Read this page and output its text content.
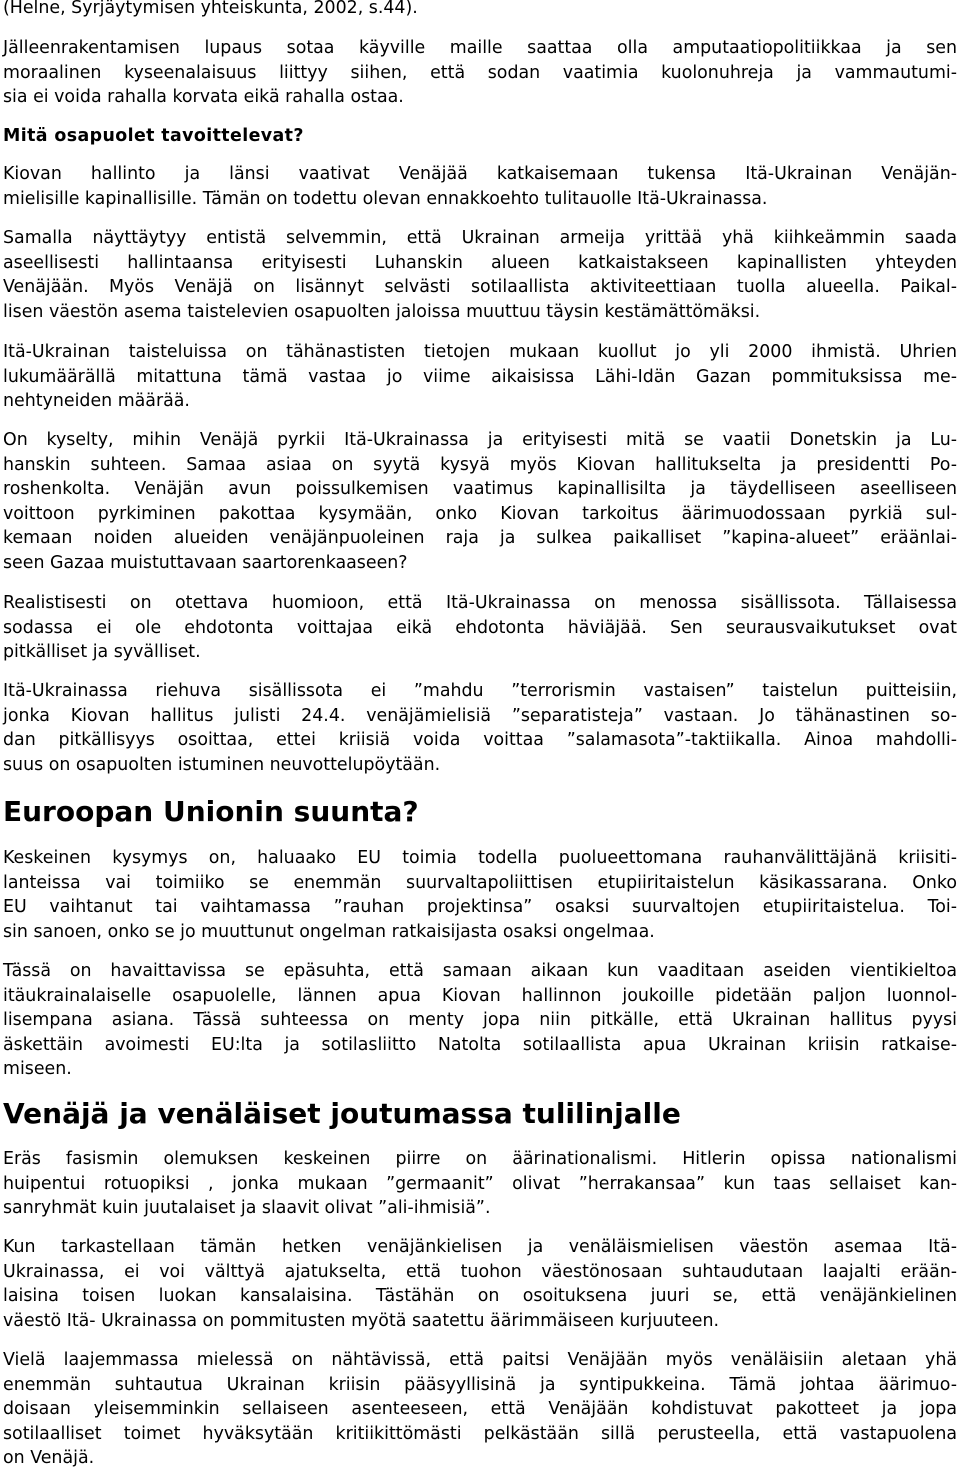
(Helne, Syrjäytymisen yhteiskunta, 2002, s.44).
Jälleenrakentamisen lupaus sotaa käyville maille saattaa olla amputaatiopolitiikkaa ja sen
moraalinen kyseenalaisuus liittyy siihen, että sodan vaatimia kuolonuhreja ja vammautumi-
sia ei voida rahalla korvata eikä rahalla ostaa.
Mitä osapuolet tavoittelevat?
Kiovan hallinto ja länsi vaativat Venäjää katkaisemaan tukensa Itä-Ukrainan Venäjän-
mielisille kapinallisille. Tämän on todettu olevan ennakkoehto tulitauolle Itä-Ukrainassa.
Samalla näyttäytyy entistä selvemmin, että Ukrainan armeija yrittää yhä kiihkeämmin saada
aseellisesti hallintaansa erityisesti Luhanskin alueen katkaistakseen kapinallisten yhteyden
Venäjään. Myös Venäjä on lisännyt selvästi sotilaallista aktiviteettiaan tuolla alueella. Paikal-
lisen väestön asema taistelevien osapuolten jaloissa muuttuu täysin kestämättömäksi.
Itä-Ukrainan taisteluissa on tähänastisten tietojen mukaan kuollut jo yli 2000 ihmistä. Uhrien
lukumäärällä mitattuna tämä vastaa jo viime aikaisissa Lähi-Idän Gazan pommituksissa me-
nehtyneiden määrää.
On kyselty, mihin Venäjä pyrkii Itä-Ukrainassa ja erityisesti mitä se vaatii Donetskin ja Lu-
hanskin suhteen. Samaa asiaa on syytä kysyä myös Kiovan hallitukselta ja presidentti Po-
roshenkolta. Venäjän avun poissulkemisen vaatimus kapinallisilta ja täydelliseen aseelliseen
voittoon pyrkiminen pakottaa kysymään, onko Kiovan tarkoitus äärimuodossaan pyrkiä sul-
kemaan noiden alueiden venäjänpuoleinen raja ja sulkea paikalliset ”kapina-alueet” eräänlai-
seen Gazaa muistuttavaan saartorenkaaseen?
Realistisesti on otettava huomioon, että Itä-Ukrainassa on menossa sisällissota. Tällaisessa
sodassa ei ole ehdotonta voittajaa eikä ehdotonta häviäjää. Sen seurausvaikutukset ovat
pitkälliset ja syvälliset.
Itä-Ukrainassa riehuva sisällissota ei ”mahdu ”terrorismin vastaisen” taistelun puitteisiin,
jonka Kiovan hallitus julisti 24.4. venäjämielisiä ”separatisteja” vastaan. Jo tähänastinen so-
dan pitkällisyys osoittaa, ettei kriisiä voida voittaa ”salamasota”-taktiikalla. Ainoa mahdolli-
suus on osapuolten istuminen neuvottelupöytään.
Euroopan Unionin suunta?
Keskeinen kysymys on, haluaako EU toimia todella puolueettomana rauhanvälittäjänä kriisiti-
lanteissa vai toimiiko se enemmän suurvaltapoliittisen etupiiritaistelun käsikassarana. Onko
EU vaihtanut tai vaihtamassa ”rauhan projektinsa” osaksi suurvaltojen etupiiritaistelua. Toi-
sin sanoen, onko se jo muuttunut ongelman ratkaisijasta osaksi ongelmaa.
Tässä on havaittavissa se epäsuhta, että samaan aikaan kun vaaditaan aseiden vientikieltoa
itäukrainalaiselle osapuolelle, lännen apua Kiovan hallinnon joukoille pidetään paljon luonnol-
lisempana asiana. Tässä suhteessa on menty jopa niin pitkälle, että Ukrainan hallitus pyysi
äskettäin avoimesti EU:lta ja sotilasliitto Natolta sotilaallista apua Ukrainan kriisin ratkaise-
miseen.
Venäjä ja venäläiset joutumassa tulilinjalle
Eräs fasismin olemuksen keskeinen piirre on äärinationalismi. Hitlerin opissa nationalismi
huipentui rotuopiksi , jonka mukaan ”germaanit” olivat ”herrakansaa” kun taas sellaiset kan-
sanryhmät kuin juutalaiset ja slaavit olivat ”ali-ihmisiä”.
Kun tarkastellaan tämän hetken venäjänkielisen ja venäläismielisen väestön asemaa Itä-
Ukrainassa, ei voi välttyä ajatukselta, että tuohon väestönosaan suhtaudutaan laajalti erään-
laisina toisen luokan kansalaisina. Tästähän on osoituksena juuri se, että venäjänkielinen
väestö Itä- Ukrainassa on pommitusten myötä saatettu äärimmäiseen kurjuuteen.
Vielä laajemmassa mielessä on nähtävissä, että paitsi Venäjään myös venäläisiin aletaan yhä
enemmän suhtautua Ukrainan kriisin pääsyyllisinä ja syntipukkeina. Tämä johtaa äärimuo-
doisaan yleisemminkin sellaiseen asenteeseen, että Venäjään kohdistuvat pakotteet ja jopa
sotilaalliset toimet hyväksytään kritiikittömästi pelkästään sillä perusteella, että vastapuolena
on Venäjä.
